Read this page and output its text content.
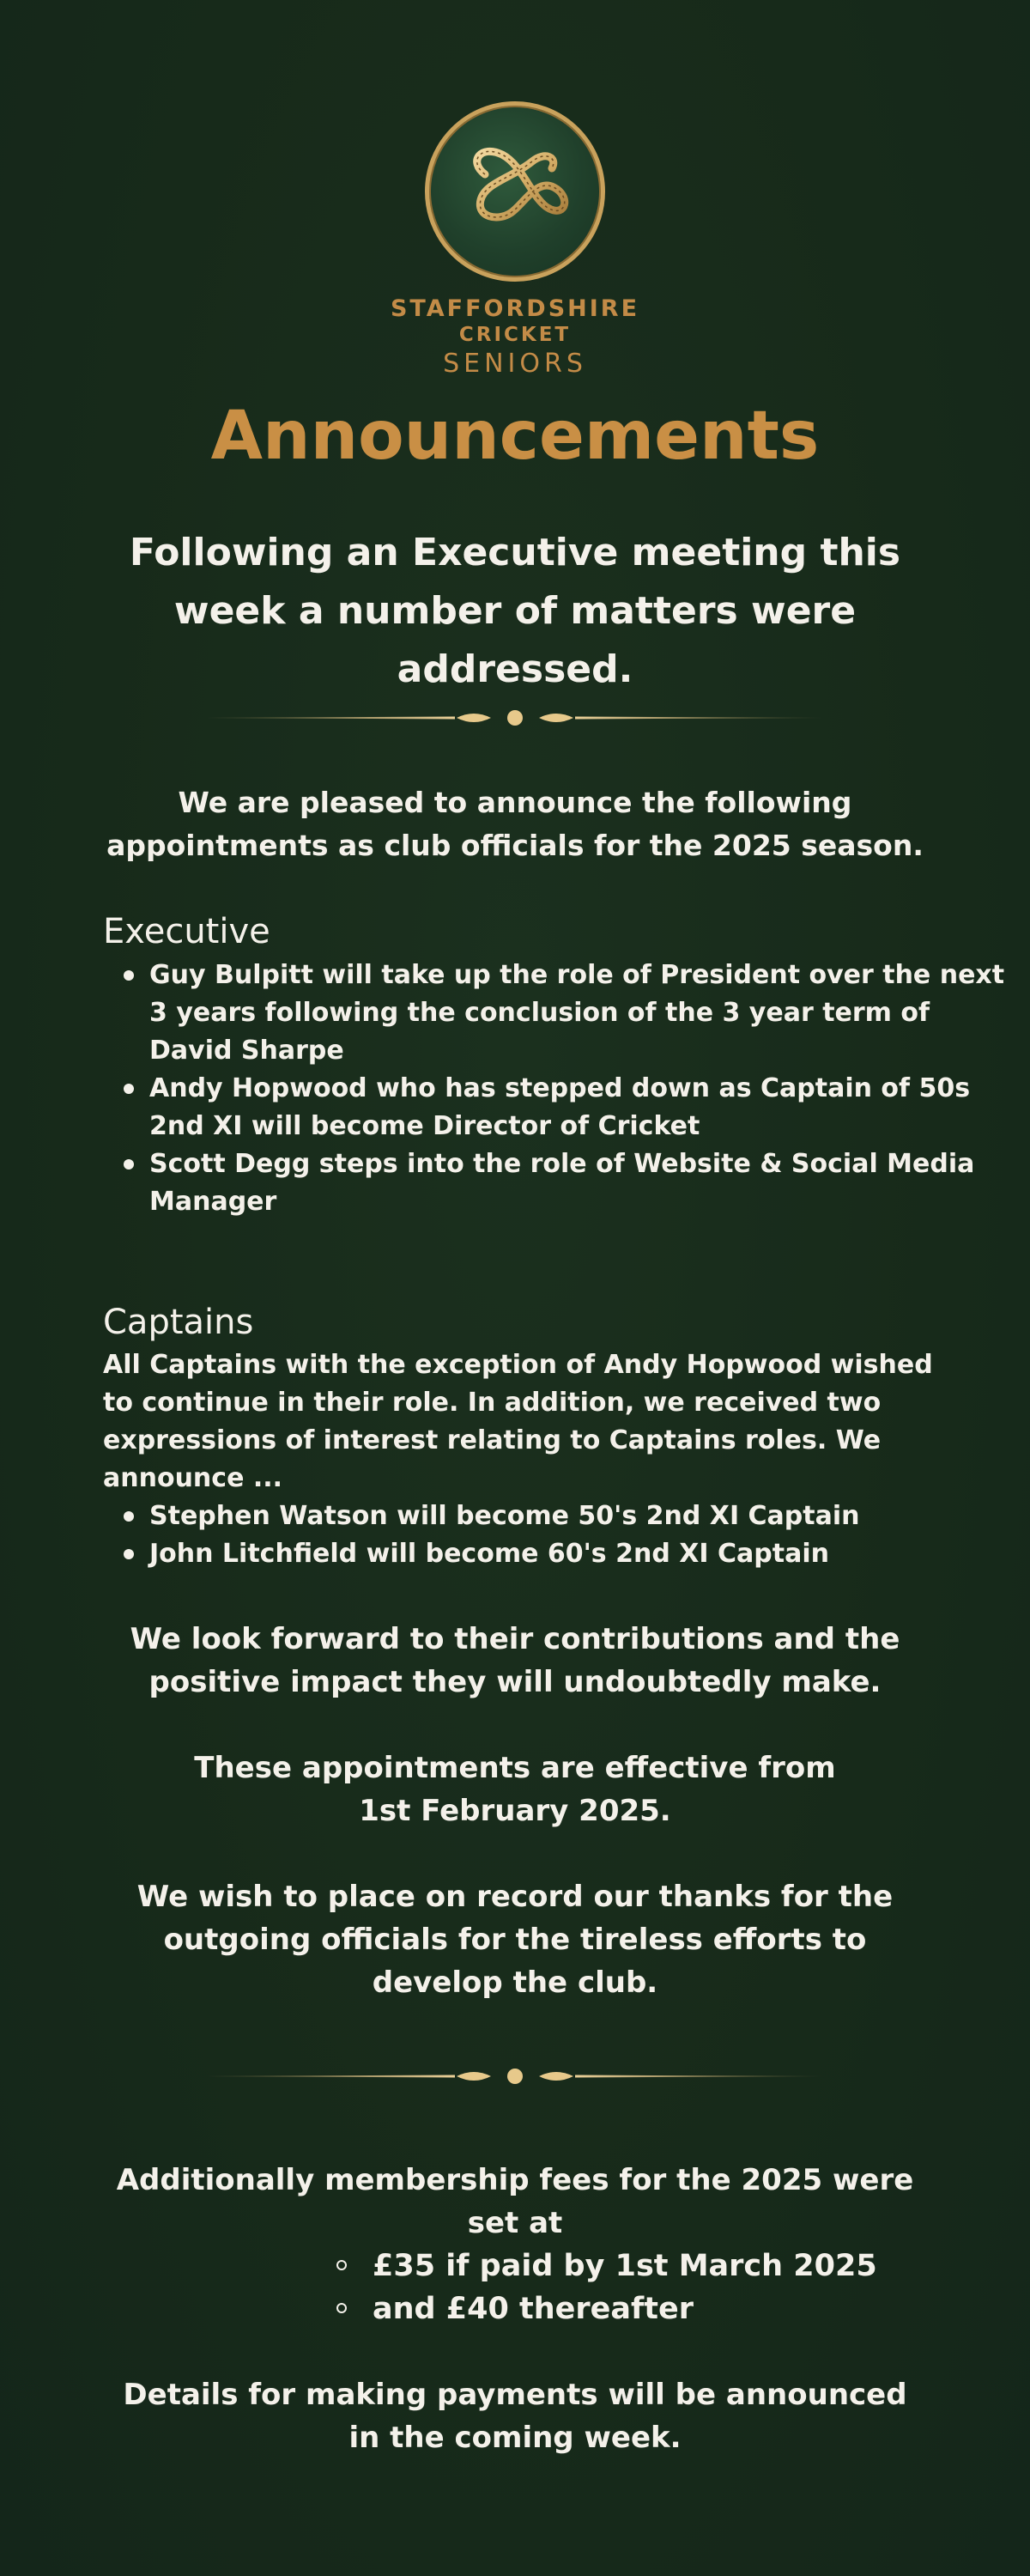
STAFFORDSHIRE
CRICKET
SENIORS
Announcements

Following an Executive meeting this week a number of matters were addressed.

We are pleased to announce the following appointments as club officials for the 2025 season.

Executive
Guy Bulpitt will take up the role of President over the next 3 years following the conclusion of the 3 year term of David Sharpe
Andy Hopwood who has stepped down as Captain of 50s 2nd XI will become Director of Cricket
Scott Degg steps into the role of Website & Social Media Manager
Captains

All Captains with the exception of Andy Hopwood wished to continue in their role. In addition, we received two expressions of interest relating to Captains roles. We announce ...

Stephen Watson will become 50's 2nd XI Captain
John Litchfield will become 60's 2nd XI Captain

We look forward to their contributions and the positive impact they will undoubtedly make.

These appointments are effective from
1st February 2025.

We wish to place on record our thanks for the outgoing officials for the tireless efforts to develop the club.

Additionally membership fees for the 2025 were set at

£35 if paid by 1st March 2025
and £40 thereafter

Details for making payments will be announced in the coming week.
